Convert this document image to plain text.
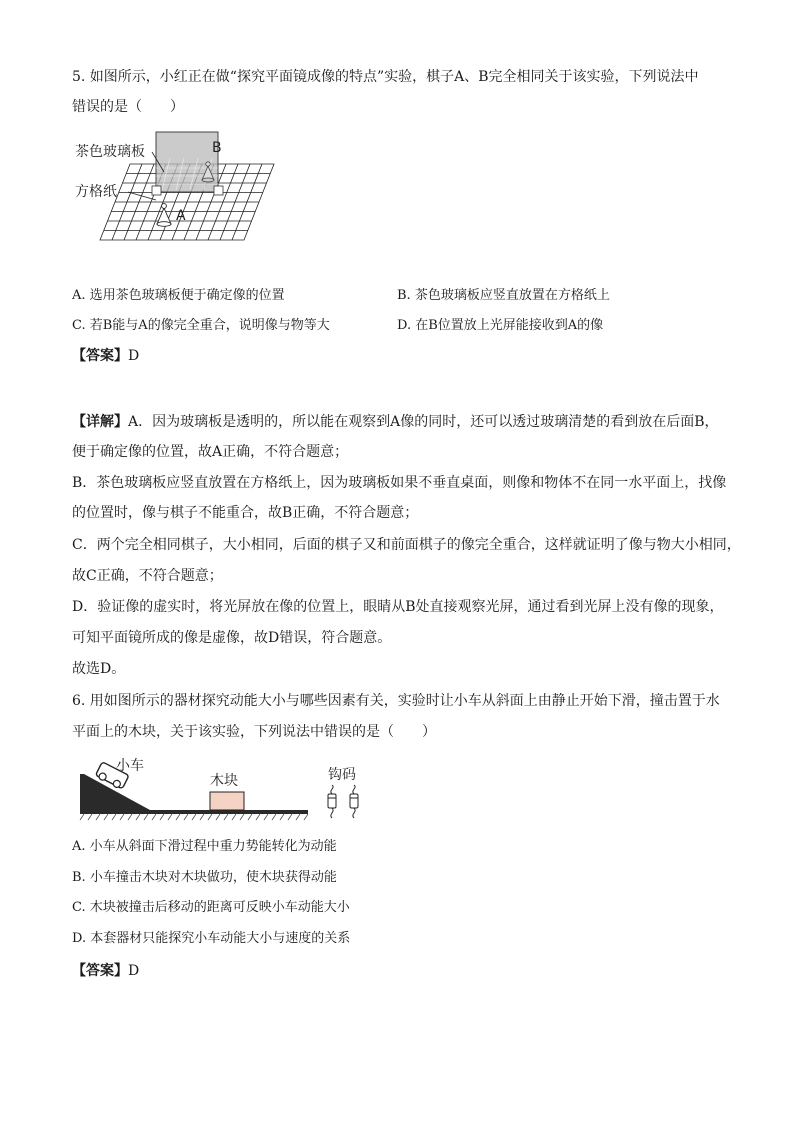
5. 如图所示，小红正在做“探究平面镜成像的特点”实验，棋子A、B完全相同关于该实验，下列说法中
错误的是（　　）
茶色玻璃板
方格纸
A
B
A. 选用茶色玻璃板便于确定像的位置	B. 茶色玻璃板应竖直放置在方格纸上
C. 若B能与A的像完全重合，说明像与物等大	D. 在B位置放上光屏能接收到A的像
【答案】D
【详解】A．因为玻璃板是透明的，所以能在观察到A像的同时，还可以透过玻璃清楚的看到放在后面B，
便于确定像的位置，故A正确，不符合题意；
B．茶色玻璃板应竖直放置在方格纸上，因为玻璃板如果不垂直桌面，则像和物体不在同一水平面上，找像
的位置时，像与棋子不能重合，故B正确，不符合题意；
C．两个完全相同棋子，大小相同，后面的棋子又和前面棋子的像完全重合，这样就证明了像与物大小相同，
故C正确，不符合题意；
D．验证像的虚实时，将光屏放在像的位置上，眼睛从B处直接观察光屏，通过看到光屏上没有像的现象，
可知平面镜所成的像是虚像，故D错误，符合题意。
故选D。
6. 用如图所示的器材探究动能大小与哪些因素有关，实验时让小车从斜面上由静止开始下滑，撞击置于水
平面上的木块，关于该实验，下列说法中错误的是（　　）
小车
木块	钩码
A. 小车从斜面下滑过程中重力势能转化为动能
B. 小车撞击木块对木块做功，使木块获得动能
C. 木块被撞击后移动的距离可反映小车动能大小
D. 本套器材只能探究小车动能大小与速度的关系
【答案】D
